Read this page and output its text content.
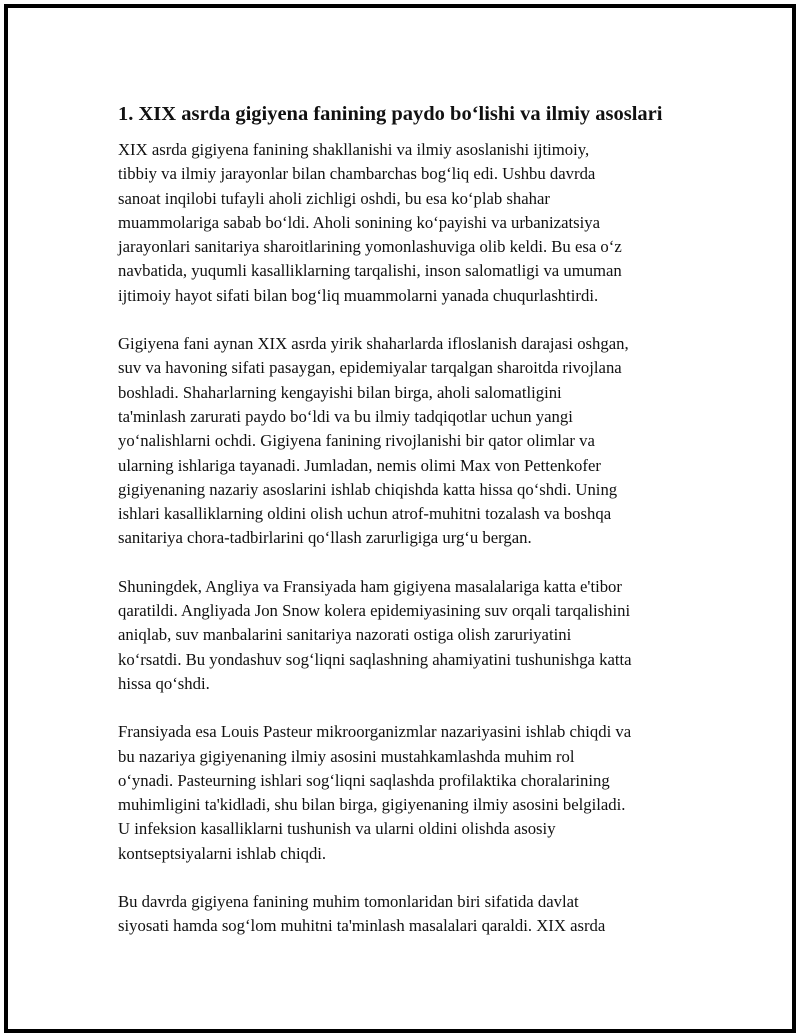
1. XIX asrda gigiyena fanining paydo boʻlishi va ilmiy asoslari

XIX asrda gigiyena fanining shakllanishi va ilmiy asoslanishi ijtimoiy,
tibbiy va ilmiy jarayonlar bilan chambarchas bogʻliq edi. Ushbu davrda
sanoat inqilobi tufayli aholi zichligi oshdi, bu esa koʻplab shahar
muammolariga sabab boʻldi. Aholi sonining koʻpayishi va urbanizatsiya
jarayonlari sanitariya sharoitlarining yomonlashuviga olib keldi. Bu esa oʻz
navbatida, yuqumli kasalliklarning tarqalishi, inson salomatligi va umuman
ijtimoiy hayot sifati bilan bogʻliq muammolarni yanada chuqurlashtirdi.

Gigiyena fani aynan XIX asrda yirik shaharlarda ifloslanish darajasi oshgan,
suv va havoning sifati pasaygan, epidemiyalar tarqalgan sharoitda rivojlana
boshladi. Shaharlarning kengayishi bilan birga, aholi salomatligini
ta'minlash zarurati paydo boʻldi va bu ilmiy tadqiqotlar uchun yangi
yoʻnalishlarni ochdi. Gigiyena fanining rivojlanishi bir qator olimlar va
ularning ishlariga tayanadi. Jumladan, nemis olimi Max von Pettenkofer
gigiyenaning nazariy asoslarini ishlab chiqishda katta hissa qoʻshdi. Uning
ishlari kasalliklarning oldini olish uchun atrof-muhitni tozalash va boshqa
sanitariya chora-tadbirlarini qoʻllash zarurligiga urgʻu bergan.

Shuningdek, Angliya va Fransiyada ham gigiyena masalalariga katta e'tibor
qaratildi. Angliyada Jon Snow kolera epidemiyasining suv orqali tarqalishini
aniqlab, suv manbalarini sanitariya nazorati ostiga olish zaruriyatini
koʻrsatdi. Bu yondashuv sogʻliqni saqlashning ahamiyatini tushunishga katta
hissa qoʻshdi.

Fransiyada esa Louis Pasteur mikroorganizmlar nazariyasini ishlab chiqdi va
bu nazariya gigiyenaning ilmiy asosini mustahkamlashda muhim rol
oʻynadi. Pasteurning ishlari sogʻliqni saqlashda profilaktika choralarining
muhimligini ta'kidladi, shu bilan birga, gigiyenaning ilmiy asosini belgiladi.
U infeksion kasalliklarni tushunish va ularni oldini olishda asosiy
kontseptsiyalarni ishlab chiqdi.

Bu davrda gigiyena fanining muhim tomonlaridan biri sifatida davlat
siyosati hamda sogʻlom muhitni ta'minlash masalalari qaraldi. XIX asrda
